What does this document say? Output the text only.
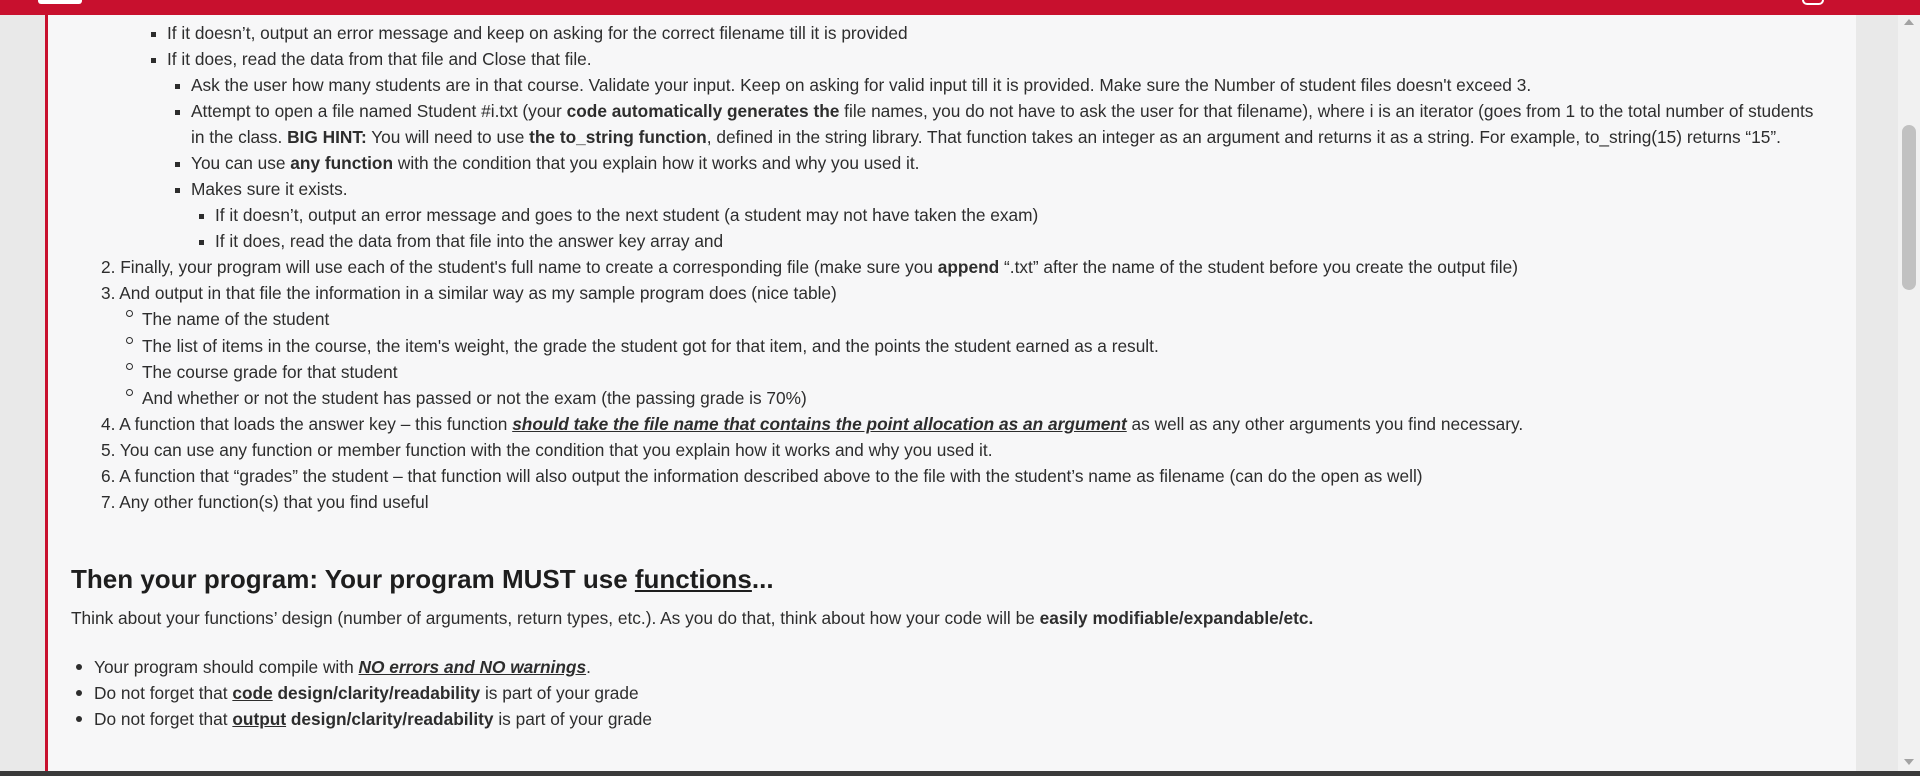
If it doesn’t, output an error message and keep on asking for the correct filename till it is provided
If it does, read the data from that file and Close that file.
Ask the user how many students are in that course. Validate your input. Keep on asking for valid input till it is provided. Make sure the Number of student files doesn't exceed 3.
Attempt to open a file named Student #i.txt (your code automatically generates the file names, you do not have to ask the user for that filename), where i is an iterator (goes from 1 to the total number of students
in the class. BIG HINT: You will need to use the to_string function, defined in the string library. That function takes an integer as an argument and returns it as a string. For example, to_string(15) returns “15”.
You can use any function with the condition that you explain how it works and why you used it.
Makes sure it exists.
If it doesn’t, output an error message and goes to the next student (a student may not have taken the exam)
If it does, read the data from that file into the answer key array and
2. Finally, your program will use each of the student's full name to create a corresponding file (make sure you append “.txt” after the name of the student before you create the output file)
3. And output in that file the information in a similar way as my sample program does (nice table)
The name of the student
The list of items in the course, the item's weight, the grade the student got for that item, and the points the student earned as a result.
The course grade for that student
And whether or not the student has passed or not the exam (the passing grade is 70%)
4. A function that loads the answer key – this function should take the file name that contains the point allocation as an argument as well as any other arguments you find necessary.
5. You can use any function or member function with the condition that you explain how it works and why you used it.
6. A function that “grades” the student – that function will also output the information described above to the file with the student’s name as filename (can do the open as well)
7. Any other function(s) that you find useful
Then your program: Your program MUST use functions...
Think about your functions’ design (number of arguments, return types, etc.). As you do that, think about how your code will be easily modifiable/expandable/etc.
Your program should compile with NO errors and NO warnings.
Do not forget that code design/clarity/readability is part of your grade
Do not forget that output design/clarity/readability is part of your grade
